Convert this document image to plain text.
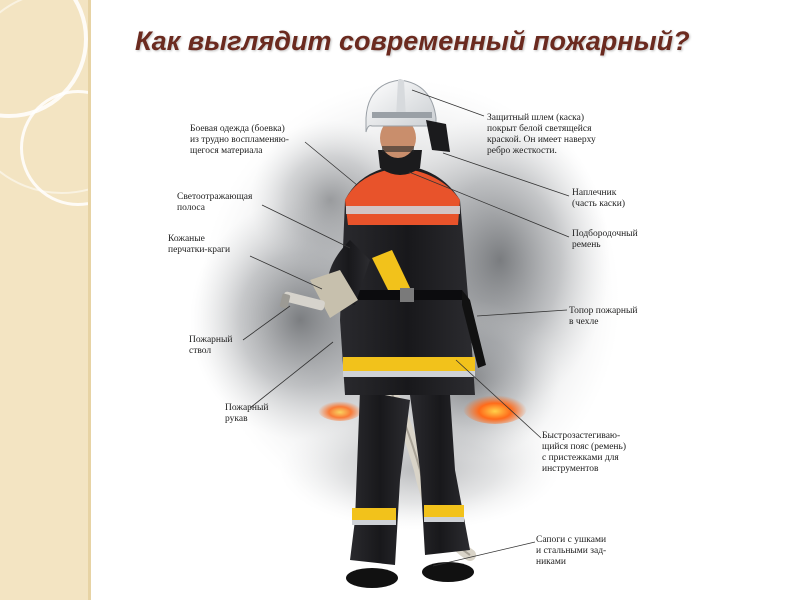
Как выглядит современный пожарный?

Защитный шлем (каска)
покрыт белой светящейся
краской. Он имеет наверху
ребро жесткости.

Боевая одежда (боевка)
из трудно воспламеняю-
щегося материала

Светоотражающая
полоса

Кожаные
перчатки-краги

Пожарный
ствол

Пожарный
рукав

Наплечник
(часть каски)

Подбородочный
ремень

Топор пожарный
в чехле

Быстрозастегиваю-
щийся пояс (ремень)
с пристежками для
инструментов

Сапоги с ушками
и стальными зад-
никами
